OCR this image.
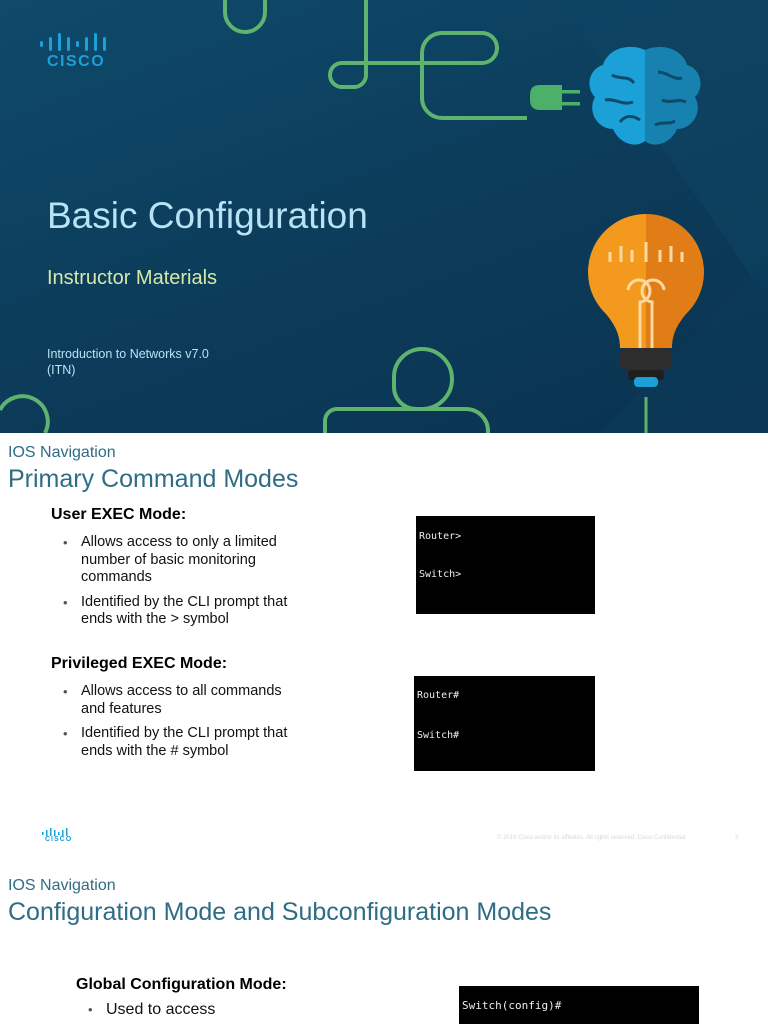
CISCO
Basic Configuration
Instructor Materials
Introduction to Networks v7.0
(ITN)
IOS Navigation
Primary Command Modes
User EXEC Mode:
• Allows access to only a limited number of basic monitoring commands
• Identified by the CLI prompt that ends with the > symbol
Router>
Switch>
Privileged EXEC Mode:
• Allows access to all commands and features
• Identified by the CLI prompt that ends with the # symbol
Router#
Switch#
CISCO	© 2016 Cisco and/or its affiliates. All rights reserved. Cisco Confidential	3
IOS Navigation
Configuration Mode and Subconfiguration Modes
Global Configuration Mode:
• Used to access	Switch(config)#
